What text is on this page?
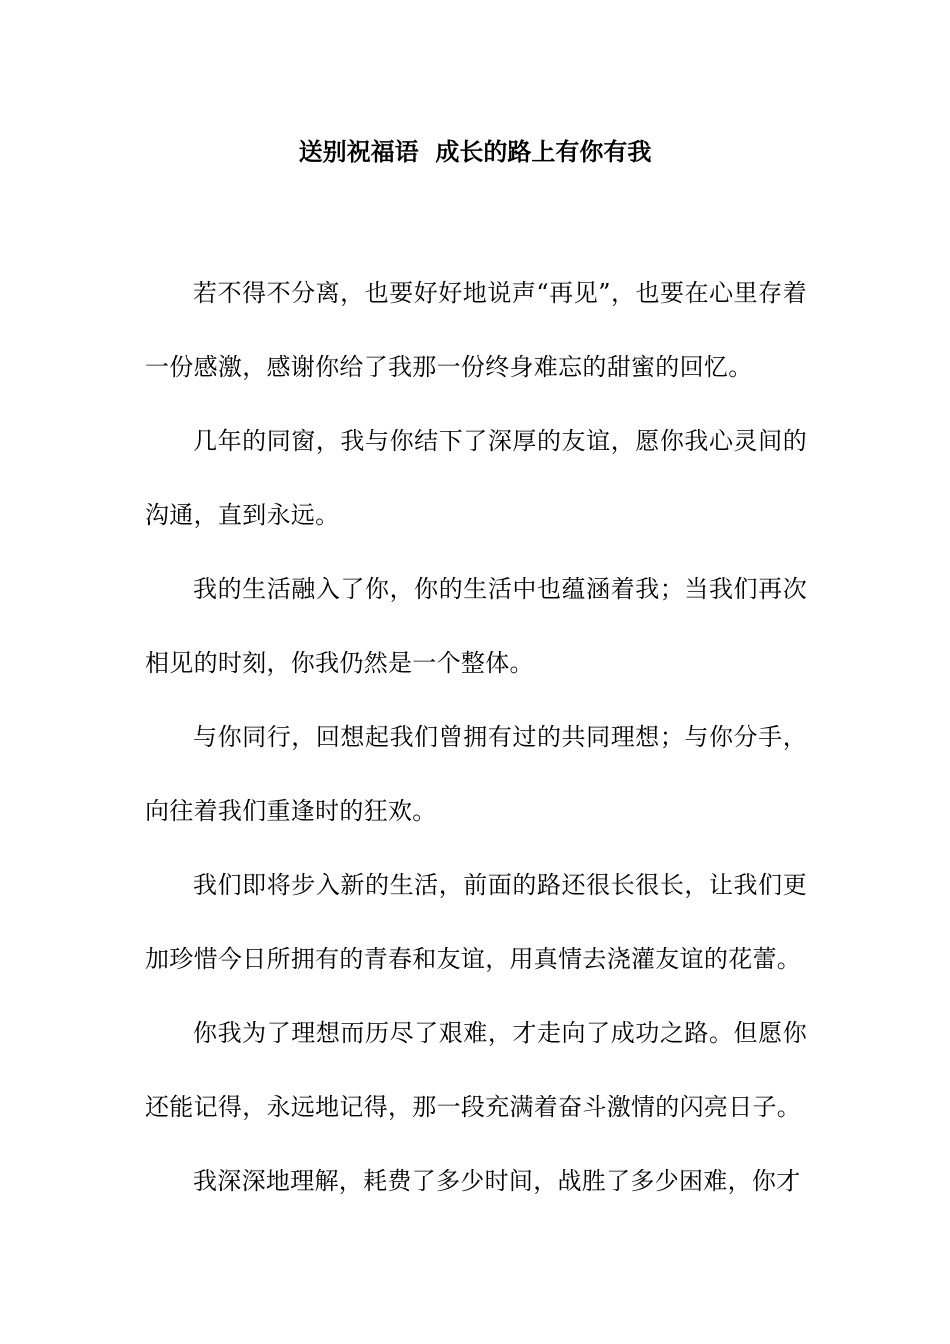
送别祝福语  成长的路上有你有我

若不得不分离，也要好好地说声“再见”，也要在心里存着一份感激，感谢你给了我那一份终身难忘的甜蜜的回忆。

几年的同窗，我与你结下了深厚的友谊，愿你我心灵间的沟通，直到永远。

我的生活融入了你，你的生活中也蕴涵着我；当我们再次相见的时刻，你我仍然是一个整体。

与你同行，回想起我们曾拥有过的共同理想；与你分手，向往着我们重逢时的狂欢。

我们即将步入新的生活，前面的路还很长很长，让我们更加珍惜今日所拥有的青春和友谊，用真情去浇灌友谊的花蕾。

你我为了理想而历尽了艰难，才走向了成功之路。但愿你还能记得，永远地记得，那一段充满着奋斗激情的闪亮日子。

我深深地理解，耗费了多少时间，战胜了多少困难，你才
